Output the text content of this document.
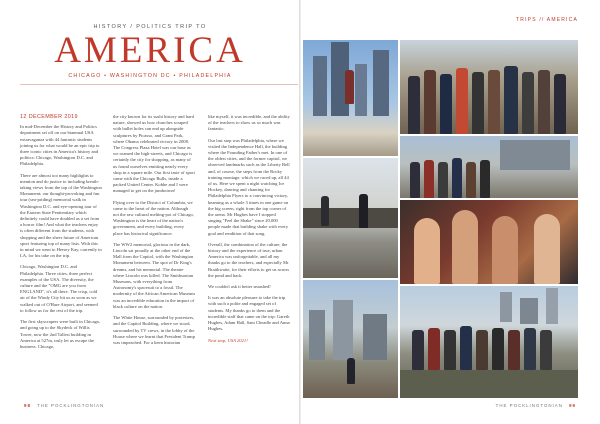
HISTORY / POLITICS TRIP TO
AMERICA
CHICAGO • WASHINGTON DC • PHILADELPHIA
12 DECEMBER 2019

In mid-December the History and Politics department set off on our biannual USA extravaganza with 44 fantastic students joining us for what would be an epic trip to three iconic cities in America's history and politics: Chicago, Washington D.C. and Philadelphia.

There are almost too many highlights to mention and do justice to including breath-taking views from the top of the Washington Monument; our thought-provoking and fun tour (sea-priding) memorial walk in Washington D.C. and eye-opening tour of the Eastern State Penitentiary which definitely could have doubled as a set from a horror film! And what the teachers enjoy is often different from the students, with shopping and the sheer future of American sport featuring top of many lists. With this in mind we went to Hersey Kay, currently in LA, for his take on the trip.

Chicago, Washington D.C. and Philadelphia. Three cities, three perfect examples of the USA. The diversity, the culture and the "OMG are you from ENGLAND", it's all there. The crisp, cold air of the Windy City hit us as soon as we walked out of O'Hare Airport, and seemed to follow us for the rest of the trip.

The first skyscrapers were built in Chicago, and going up to the Skydeck of Willis Tower, now the 2nd Tallest building in America at 527m, truly let us escape the business. Chicago,

the city known for its sushi history and hard nature, showed us how churches scraped with bullet holes can end up alongside sculptures by Picasso, and Grant Park, where Obama celebrated victory in 2008. The Congress Plaza Hotel was our base as we roamed the high-streets, and Chicago is certainly the city for shopping, as many of us found ourselves emitting nearly every shop in a square mile. Our first taste of sport came with the Chicago Bulls, inside a packed United Center. Kobbe and I were managed to get on the jumbotron!

Flying over to the District of Columbia, we came to the heart of the nation. Although not the raw cultural melting-pot of Chicago, Washington is the heart of the nation's government, and every building, every place has historical significance.

The WW2 memorial, glorious in the dark, Lincoln sat proudly at the other end of the Mall from the Capitol, with the Washington Monument between. The spot of Dr King's dreams, and his memorial. The theatre where Lincoln was killed. The Smithsonian Museums, with everything from Astronomy's spacesuit to a fossil. The modernity of the African American Museum was an incredible education in the impact of black culture on the nation.

The White House, surrounded by protesters, and the Capitol Building, where we stood, surrounded by TV crews, in the lobby of the House where we learnt that President Trump was impeached. For a keen historian

like myself, it was incredible, and the ability of the teachers to show us so much was fantastic.

Our last stop was Philadelphia, where we visited the Independence Hall, the building where the Founding Father's met. In one of the oldest cities, and the former capitol, we observed landmarks such as the Liberty Bell and, of course, the steps from the Rocky training montage, which we raced up, all 44 of us. Here we spent a night watching Ice Hockey, dancing and chanting for Philadelphia Flyers to a convincing victory, beaming as a whole 3 times in one game on the big screen, right from the top corner of the arena. Mr Hughes have I stopped singing "Feel the Shake" since 20,000 people made that building shake with every goal and rendition of that song.

Overall, the combination of the culture, the history and the experience of true, urban America was unforgettable, and all my thanks go to the teachers, and especially Mr Braithwaite, for their efforts to get us across the pond and back.

We couldn't ask it better smashed!

It was an absolute pleasure to take the trip with such a polite and engaged set of students. My thanks go to them and the incredible staff that came on the trip: Gareth Hughes, Adam Hall, Sam Cheadle and Anna Hughes.

Next stop, USA 2021!

98 THE POCKLINGTONIAN
TRIPS // AMERICA
THE POCKLINGTONIAN 99
